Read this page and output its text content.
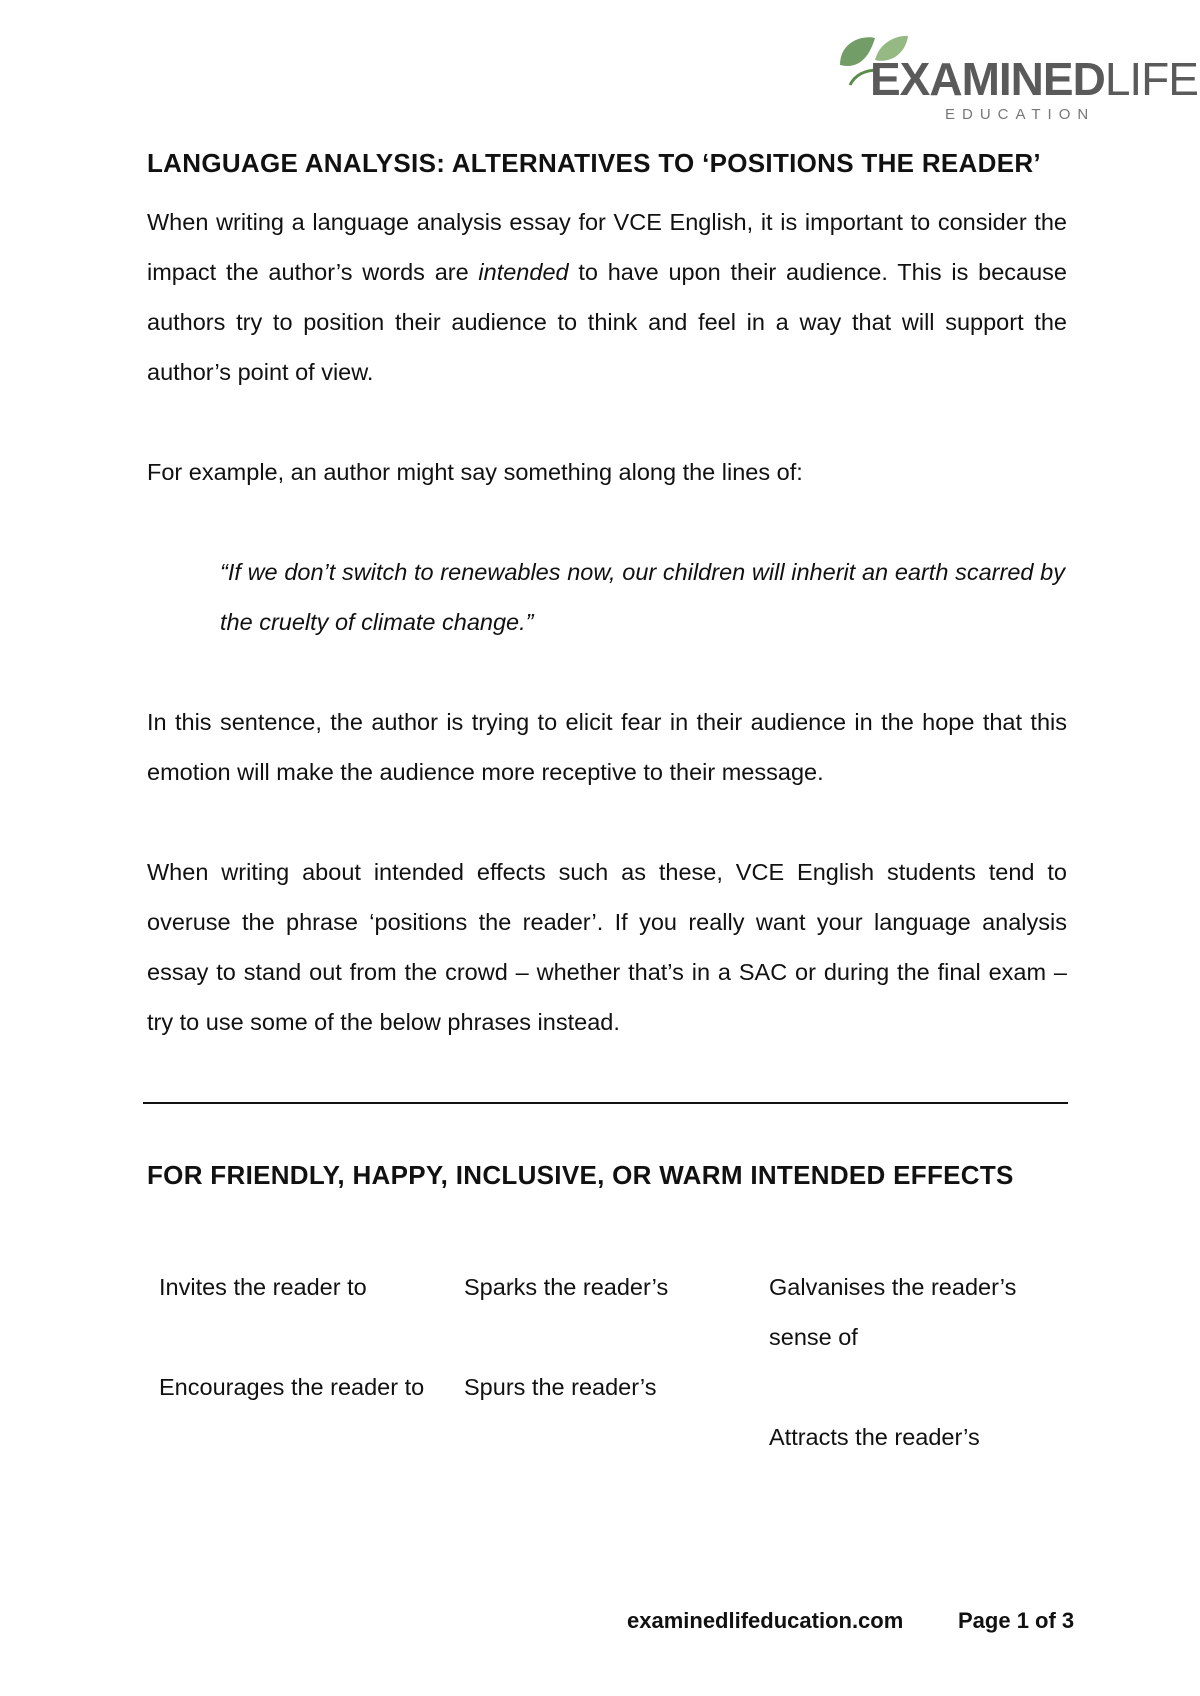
EXAMINEDLIFE
EDUCATION
LANGUAGE ANALYSIS: ALTERNATIVES TO ‘POSITIONS THE READER’

When writing a language analysis essay for VCE English, it is important to consider the impact the author’s words are intended to have upon their audience. This is because authors try to position their audience to think and feel in a way that will support the author’s point of view.

For example, an author might say something along the lines of:

“If we don’t switch to renewables now, our children will inherit an earth scarred by the cruelty of climate change.”

In this sentence, the author is trying to elicit fear in their audience in the hope that this emotion will make the audience more receptive to their message.

When writing about intended effects such as these, VCE English students tend to overuse the phrase ‘positions the reader’. If you really want your language analysis essay to stand out from the crowd – whether that’s in a SAC or during the final exam – try to use some of the below phrases instead.

FOR FRIENDLY, HAPPY, INCLUSIVE, OR WARM INTENDED EFFECTS
Invites the reader to
Encourages the reader to
Sparks the reader’s
Spurs the reader’s
Galvanises the reader’s sense of
Attracts the reader’s
examinedlifeducation.com Page 1 of 3
